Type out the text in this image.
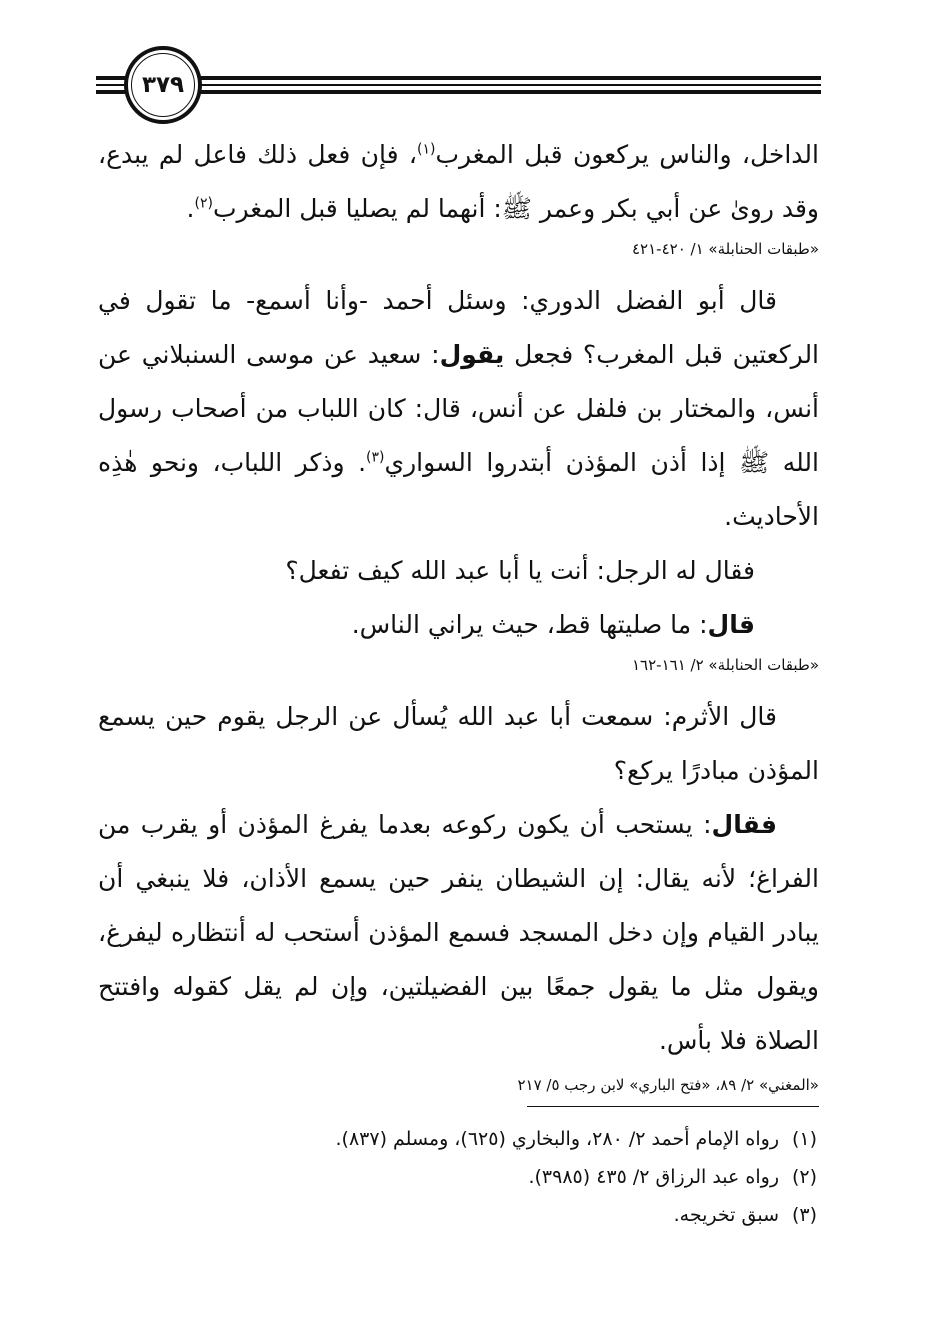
٣٧٩

الداخل، والناس يركعون قبل المغرب$^{(١)}$، فإن فعل ذلك فاعل لم يبدع، وقد رویٰ عن أبي بكر وعمر ﷺ: أنهما لم يصليا قبل المغرب$^{(٢)}$.

«طبقات الحنابلة» ١/ ٤٢٠-٤٢١

قال أبو الفضل الدوري: وسئل أحمد -وأنا أسمع- ما تقول في الركعتين قبل المغرب؟ فجعل يقول: سعيد عن موسى السنبلاني عن أنس، والمختار بن فلفل عن أنس، قال: كان اللباب من أصحاب رسول الله ﷺ إذا أذن المؤذن أبتدروا السواري$^{(٣)}$. وذكر اللباب، ونحو هٰذِه الأحاديث.

فقال له الرجل: أنت يا أبا عبد الله كيف تفعل؟

قال: ما صليتها قط، حيث يراني الناس.

«طبقات الحنابلة» ٢/ ١٦١-١٦٢

قال الأثرم: سمعت أبا عبد الله يُسأل عن الرجل يقوم حين يسمع المؤذن مبادرًا يركع؟

فقال: يستحب أن يكون ركوعه بعدما يفرغ المؤذن أو يقرب من الفراغ؛ لأنه يقال: إن الشيطان ينفر حين يسمع الأذان، فلا ينبغي أن يبادر القيام وإن دخل المسجد فسمع المؤذن أستحب له أنتظاره ليفرغ، ويقول مثل ما يقول جمعًا بين الفضيلتين، وإن لم يقل كقوله وافتتح الصلاة فلا بأس.

«المغني» ٢/ ٨٩، «فتح الباري» لابن رجب ٥/ ٢١٧

(١)رواه الإمام أحمد ٢/ ٢٨٠، والبخاري (٦٢٥)، ومسلم (٨٣٧).

(٢)رواه عبد الرزاق ٢/ ٤٣٥ (٣٩٨٥).

(٣)سبق تخريجه.
